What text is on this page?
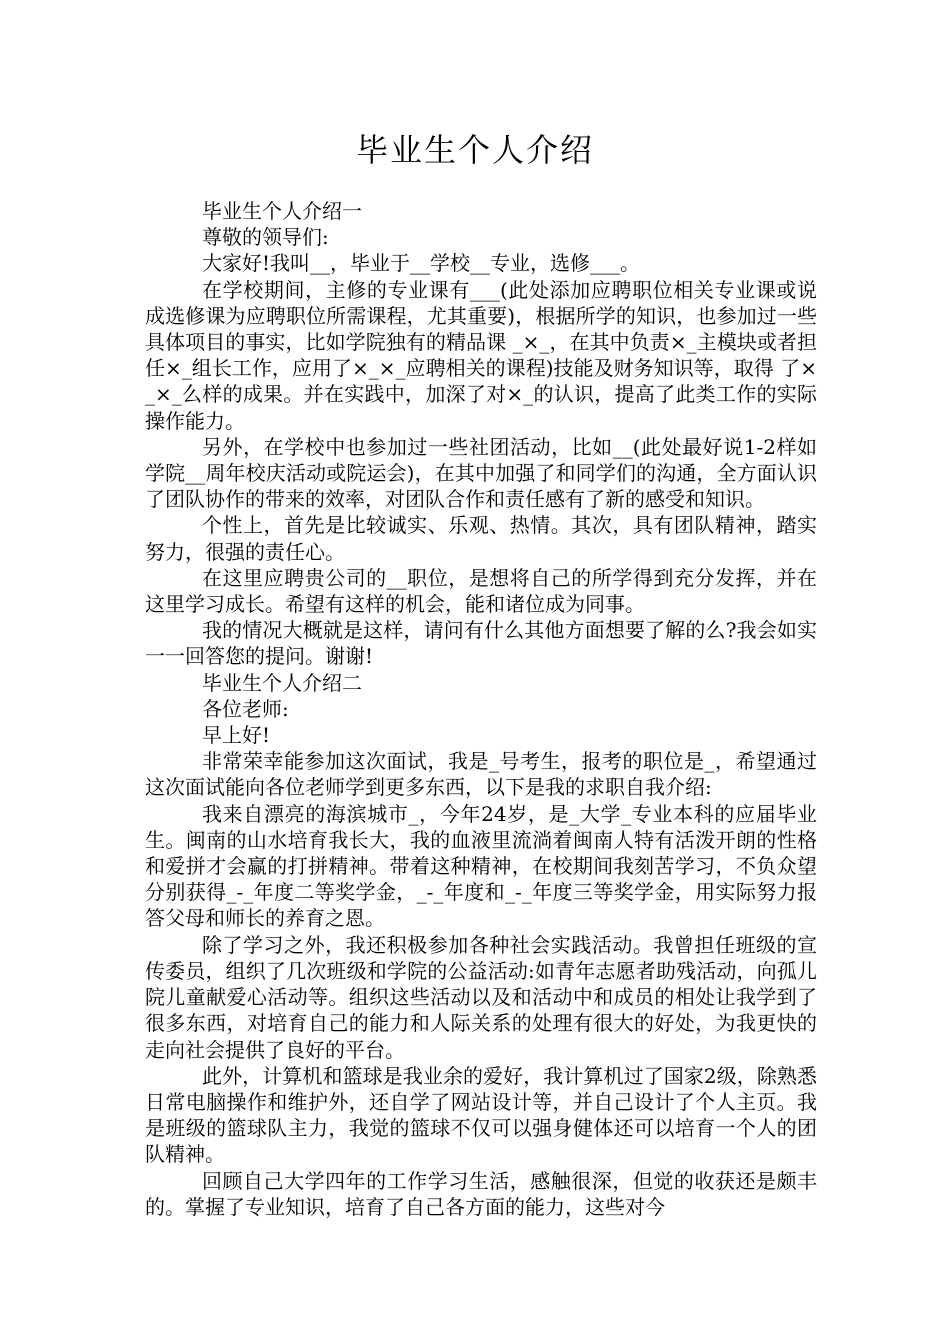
毕业生个人介绍

毕业生个人介绍一

尊敬的领导们:

大家好!我叫__，毕业于__学校__专业，选修___。

在学校期间，主修的专业课有___(此处添加应聘职位相关专业课或说成选修课为应聘职位所需课程，尤其重要)，根据所学的知识，也参加过一些具体项目的事实，比如学院独有的精品课 _×_，在其中负责×_主模块或者担任×_组长工作，应用了×_×_应聘相关的课程)技能及财务知识等，取得 了×_×_么样的成果。并在实践中，加深了对×_的认识，提高了此类工作的实际操作能力。

另外，在学校中也参加过一些社团活动，比如__(此处最好说1-2样如学院__周年校庆活动或院运会)，在其中加强了和同学们的沟通，全方面认识了团队协作的带来的效率，对团队合作和责任感有了新的感受和知识。

个性上，首先是比较诚实、乐观、热情。其次，具有团队精神，踏实努力，很强的责任心。

在这里应聘贵公司的__职位，是想将自己的所学得到充分发挥，并在这里学习成长。希望有这样的机会，能和诸位成为同事。

我的情况大概就是这样，请问有什么其他方面想要了解的么?我会如实一一回答您的提问。谢谢!

毕业生个人介绍二

各位老师:

早上好!

非常荣幸能参加这次面试，我是_号考生，报考的职位是_，希望通过这次面试能向各位老师学到更多东西，以下是我的求职自我介绍:

我来自漂亮的海滨城市_，今年24岁，是_大学_专业本科的应届毕业生。闽南的山水培育我长大，我的血液里流淌着闽南人特有活泼开朗的性格和爱拼才会赢的打拼精神。带着这种精神，在校期间我刻苦学习，不负众望分别获得_-_年度二等奖学金，_-_年度和_-_年度三等奖学金，用实际努力报答父母和师长的养育之恩。

除了学习之外，我还积极参加各种社会实践活动。我曾担任班级的宣传委员，组织了几次班级和学院的公益活动:如青年志愿者助残活动，向孤儿院儿童献爱心活动等。组织这些活动以及和活动中和成员的相处让我学到了很多东西，对培育自己的能力和人际关系的处理有很大的好处，为我更快的走向社会提供了良好的平台。

此外，计算机和篮球是我业余的爱好，我计算机过了国家2级，除熟悉日常电脑操作和维护外，还自学了网站设计等，并自己设计了个人主页。我是班级的篮球队主力，我觉的篮球不仅可以强身健体还可以培育一个人的团队精神。

回顾自己大学四年的工作学习生活，感触很深，但觉的收获还是颇丰的。掌握了专业知识，培育了自己各方面的能力，这些对今
